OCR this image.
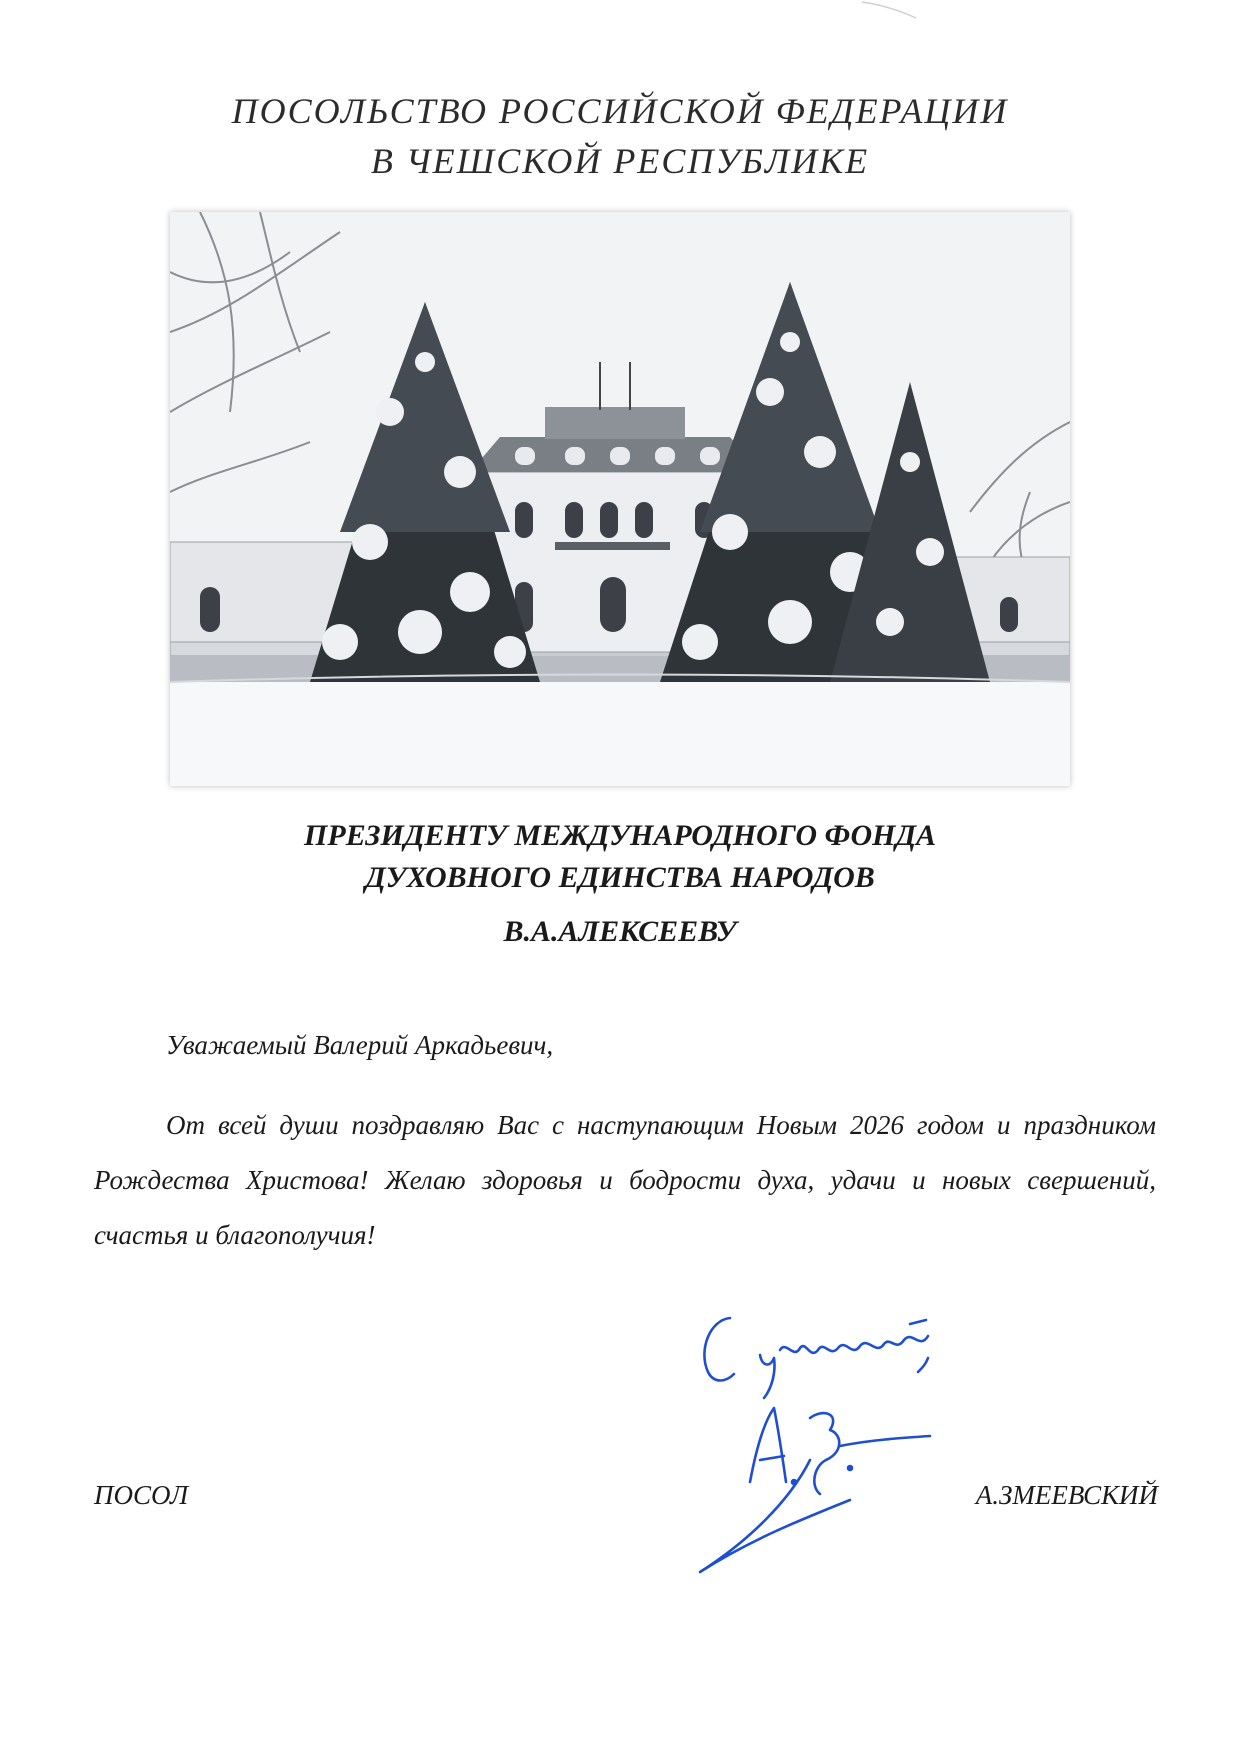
ПОСОЛЬСТВО РОССИЙСКОЙ ФЕДЕРАЦИИ
В ЧЕШСКОЙ РЕСПУБЛИКЕ
ПРЕЗИДЕНТУ МЕЖДУНАРОДНОГО ФОНДА
ДУХОВНОГО ЕДИНСТВА НАРОДОВ
В.А.АЛЕКСЕЕВУ
Уважаемый Валерий Аркадьевич,
От всей души поздравляю Вас с наступающим Новым 2026 годом и праздником Рождества Христова! Желаю здоровья и бодрости духа, удачи и новых свершений, счастья и благополучия!
ПОСОЛ	А.ЗМЕЕВСКИЙ
